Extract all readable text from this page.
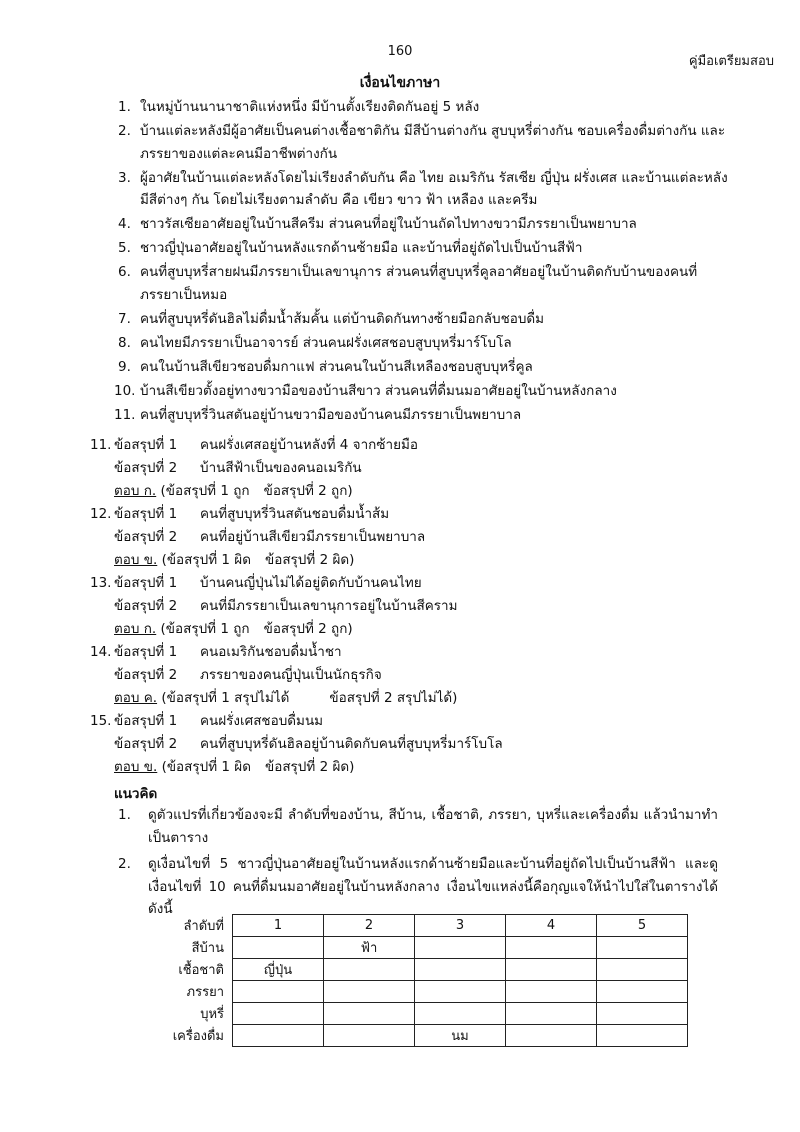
160
คู่มือเตรียมสอบ
เงื่อนไขภาษา
1. ในหมู่บ้านนานาชาติแห่งหนึ่ง มีบ้านตั้งเรียงติดกันอยู่ 5 หลัง
2. บ้านแต่ละหลังมีผู้อาศัยเป็นคนต่างเชื้อชาติกัน มีสีบ้านต่างกัน สูบบุหรี่ต่างกัน ชอบเครื่องดื่มต่างกัน และภรรยาของแต่ละคนมีอาชีพต่างกัน
3. ผู้อาศัยในบ้านแต่ละหลังโดยไม่เรียงลำดับกัน คือ ไทย อเมริกัน รัสเซีย ญี่ปุ่น ฝรั่งเศส และบ้านแต่ละหลังมีสีต่างๆ กัน โดยไม่เรียงตามลำดับ คือ เขียว ขาว ฟ้า เหลือง และครีม
4. ชาวรัสเซียอาศัยอยู่ในบ้านสีครีม ส่วนคนที่อยู่ในบ้านถัดไปทางขวามีภรรยาเป็นพยาบาล
5. ชาวญี่ปุ่นอาศัยอยู่ในบ้านหลังแรกด้านซ้ายมือ และบ้านที่อยู่ถัดไปเป็นบ้านสีฟ้า
6. คนที่สูบบุหรี่สายฝนมีภรรยาเป็นเลขานุการ ส่วนคนที่สูบบุหรี่คูลอาศัยอยู่ในบ้านติดกับบ้านของคนที่ภรรยาเป็นหมอ
7. คนที่สูบบุหรี่ดันฮิลไม่ดื่มน้ำส้มคั้น แต่บ้านติดกันทางซ้ายมือกลับชอบดื่ม
8. คนไทยมีภรรยาเป็นอาจารย์ ส่วนคนฝรั่งเศสชอบสูบบุหรี่มาร์โบโล
9. คนในบ้านสีเขียวชอบดื่มกาแฟ ส่วนคนในบ้านสีเหลืองชอบสูบบุหรี่คูล
10. บ้านสีเขียวตั้งอยู่ทางขวามือของบ้านสีขาว ส่วนคนที่ดื่มนมอาศัยอยู่ในบ้านหลังกลาง
11. คนที่สูบบุหรี่วินสตันอยู่บ้านขวามือของบ้านคนมีภรรยาเป็นพยาบาล
11. ข้อสรุปที่ 1 คนฝรั่งเศสอยู่บ้านหลังที่ 4 จากซ้ายมือ
ข้อสรุปที่ 2 บ้านสีฟ้าเป็นของคนอเมริกัน
ตอบ ก. (ข้อสรุปที่ 1 ถูก ข้อสรุปที่ 2 ถูก)
12. ข้อสรุปที่ 1 คนที่สูบบุหรี่วินสตันชอบดื่มน้ำส้ม
ข้อสรุปที่ 2 คนที่อยู่บ้านสีเขียวมีภรรยาเป็นพยาบาล
ตอบ ข. (ข้อสรุปที่ 1 ผิด ข้อสรุปที่ 2 ผิด)
13. ข้อสรุปที่ 1 บ้านคนญี่ปุ่นไม่ได้อยู่ติดกับบ้านคนไทย
ข้อสรุปที่ 2 คนที่มีภรรยาเป็นเลขานุการอยู่ในบ้านสีคราม
ตอบ ก. (ข้อสรุปที่ 1 ถูก ข้อสรุปที่ 2 ถูก)
14. ข้อสรุปที่ 1 คนอเมริกันชอบดื่มน้ำชา
ข้อสรุปที่ 2 ภรรยาของคนญี่ปุ่นเป็นนักธุรกิจ
ตอบ ค. (ข้อสรุปที่ 1 สรุปไม่ได้	ข้อสรุปที่ 2 สรุปไม่ได้)
15. ข้อสรุปที่ 1 คนฝรั่งเศสชอบดื่มนม
ข้อสรุปที่ 2 คนที่สูบบุหรี่ดันฮิลอยู่บ้านติดกับคนที่สูบบุหรี่มาร์โบโล
ตอบ ข. (ข้อสรุปที่ 1 ผิด ข้อสรุปที่ 2 ผิด)
แนวคิด
1. ดูตัวแปรที่เกี่ยวข้องจะมี ลำดับที่ของบ้าน, สีบ้าน, เชื้อชาติ, ภรรยา, บุหรี่และเครื่องดื่ม แล้วนำมาทำเป็นตาราง
2. ดูเงื่อนไขที่ 5 ชาวญี่ปุ่นอาศัยอยู่ในบ้านหลังแรกด้านซ้ายมือและบ้านที่อยู่ถัดไปเป็นบ้านสีฟ้า และดูเงื่อนไขที่ 10 คนที่ดื่มนมอาศัยอยู่ในบ้านหลังกลาง เงื่อนไขแหล่งนี้คือกุญแจให้นำไปใส่ในตารางได้ดังนี้
ลำดับที่	1	2	3	4	5
สีบ้าน		ฟ้า			
เชื้อชาติ	ญี่ปุ่น				
ภรรยา					
บุหรี่					
เครื่องดื่ม			นม		
